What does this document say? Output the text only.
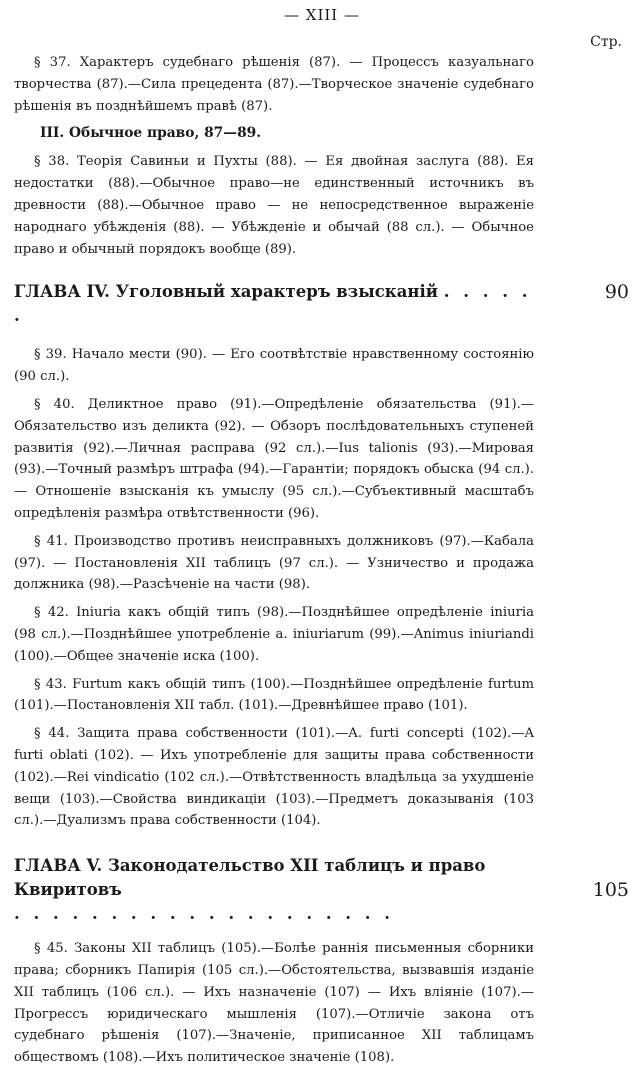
— XIII —
Стр.

§ 37. Характеръ судебнаго рѣшенія (87). — Процессъ казуальнаго творчества (87).—Сила прецедента (87).—Творческое значеніе судебнаго рѣшенія въ позднѣйшемъ правѣ (87).

III. Обычное право, 87—89.

§ 38. Теорія Савиньи и Пухты (88). — Ея двойная заслуга (88). Ея недостатки (88).—Обычное право—не единственный источникъ въ древности (88).—Обычное право — не непосредственное выраженіе народнаго убѣжденія (88). — Убѣжденіе и обычай (88 сл.). — Обычное право и обычный порядокъ вообще (89).

ГЛАВА IV. Уголовный характеръ взысканій . . . . . .
90

§ 39. Начало мести (90). — Его соотвѣтствіе нравственному состоянію (90 сл.).

§ 40. Деликтное право (91).—Опредѣленіе обязательства (91).—Обязательство изъ деликта (92). — Обзоръ послѣдовательныхъ ступеней развитія (92).—Личная расправа (92 сл.).—Ius talionis (93).—Мировая (93).—Точный размѣръ штрафа (94).—Гарантіи; порядокъ обыска (94 сл.). — Отношеніе взысканія къ умыслу (95 сл.).—Субъективный масштабъ опредѣленія размѣра отвѣтственности (96).

§ 41. Производство противъ неисправныхъ должниковъ (97).—Кабала (97). — Постановленія XII таблицъ (97 сл.). — Узничество и продажа должника (98).—Разсѣченіе на части (98).

§ 42. Iniuria какъ общій типъ (98).—Позднѣйшее опредѣленіе iniuria (98 сл.).—Позднѣйшее употребленіе а. iniuriarum (99).—Animus iniuriandi (100).—Общее значеніе иска (100).

§ 43. Furtum какъ общій типъ (100).—Позднѣйшее опредѣленіе furtum (101).—Постановленія XII табл. (101).—Древнѣйшее право (101).

§ 44. Защита права собственности (101).—A. furti concepti (102).—A furti oblati (102). — Ихъ употребленіе для защиты права собственности (102).—Rei vindicatio (102 сл.).—Отвѣтственность владѣльца за ухудшеніе вещи (103).—Свойства виндикаціи (103).—Предметъ доказыванія (103 сл.).—Дуализмъ права собственности (104).

ГЛАВА V. Законодательство XII таблицъ и право Квиритовъ
. . . . . . . . . . . . . . . . . . . .
105

§ 45. Законы XII таблицъ (105).—Болѣе раннія письменныя сборники права; сборникъ Папирія (105 сл.).—Обстоятельства, вызвавшія изданіе XII таблицъ (106 сл.). — Ихъ назначеніе (107) — Ихъ вліяніе (107).—Прогрессъ юридическаго мышленія (107).—Отличіе закона отъ судебнаго рѣшенія (107).—Значеніе, приписанное XII таблицамъ обществомъ (108).—Ихъ политическое значеніе (108).
